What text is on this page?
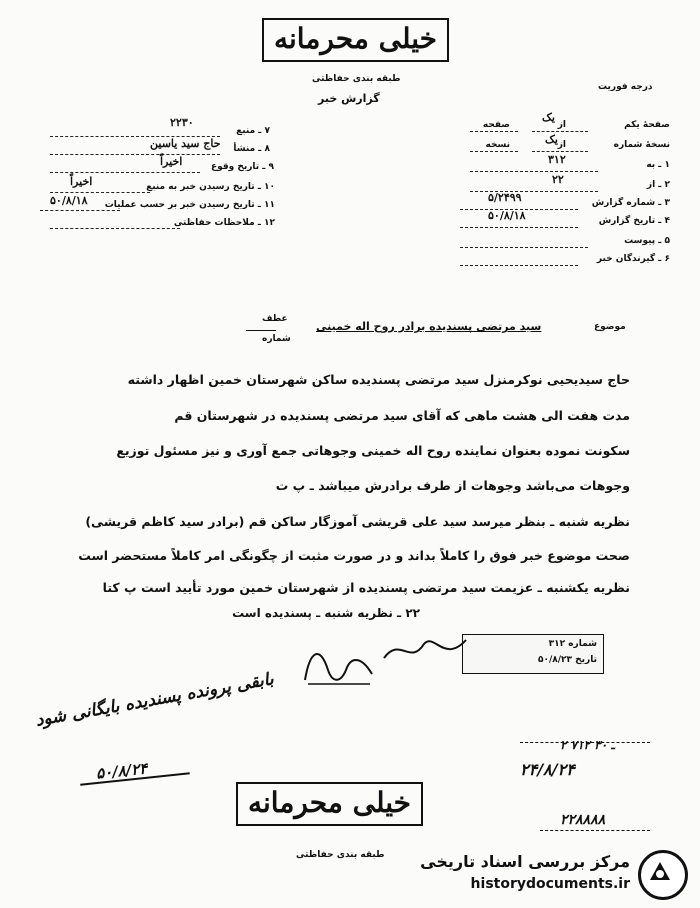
خیلی محرمانه
طبقه بندی حفاظتی
گزارش خبر
درجه فوریت
صفحهٔ یکم
از
صفحه
یک
نسخهٔ شماره
از
نسخه	یک
۱ ـ به
۳۱۲
۲ ـ از
۲۲
۳ ـ شماره گزارش
۵/۲۴۹۹
۴ ـ تاریخ گزارش
۵۰/۸/۱۸
۵ ـ پیوست
۶ ـ گیرندگان خبر
۷ ـ منبع
۲۲۳۰
۸ ـ منشأ
حاج سید یاسین
۹ ـ تاریخ وقوع
اخیراً
۱۰ ـ تاریخ رسیدن خبر به منبع
اخیراً
۱۱ ـ تاریخ رسیدن خبر بر حسب عملیات
۵۰/۸/۱۸
۱۲ ـ ملاحظات حفاظتی
عطف
شماره
موضوع
سید مرتضی پسندیده برادر روح اله خمینی
حاج سیدیحیی نوکرمنزل سید مرتضی پسندیده ساکن شهرستان خمین اظهار داشته
مدت هفت الی هشت ماهی که آقای سید مرتضی پسندیده در شهرستان قم
سکونت نموده بعنوان نماینده روح اله خمینی وجوهاتی جمع آوری و نیز مسئول توزیع
وجوهات می‌باشد وجوهات از طرف برادرش میباشد ـ پ ت
نظریه شنبه ـ بنظر میرسد سید علی قریشی آموزگار ساکن قم (برادر سید کاظم قریشی)
صحت موضوع خبر فوق را کاملاً بداند و در صورت مثبت از چگونگی امر کاملاً مستحضر است
نظریه یکشنبه ـ عزیمت سید مرتضی پسندیده از شهرستان خمین مورد تأیید است پ کتا
۲۲ ـ نظریه شنبه ـ پسندیده است
شماره ۳۱۲
تاریخ ۵۰/۸/۲۳
بابقی پرونده پسندیده بایگانی شود
۵۰/۸/۲۴
۲ ـ ۳۰ ۷۱۲
۲۴/۸/۲۴
۲۲۸۸۸۸
خیلی محرمانه
طبقه بندی حفاظتی مرکز بررسی اسناد تاریخی
historydocuments.ir
